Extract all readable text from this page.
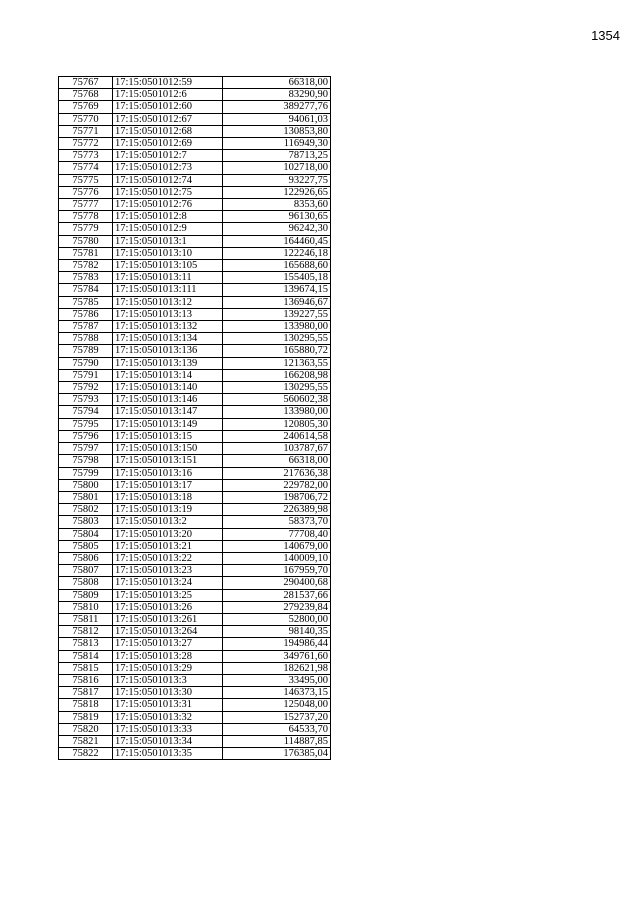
1354
75767	17:15:0501012:59	66318,00
75768	17:15:0501012:6	83290,90
75769	17:15:0501012:60	389277,76
75770	17:15:0501012:67	94061,03
75771	17:15:0501012:68	130853,80
75772	17:15:0501012:69	116949,30
75773	17:15:0501012:7	78713,25
75774	17:15:0501012:73	102718,00
75775	17:15:0501012:74	93227,75
75776	17:15:0501012:75	122926,65
75777	17:15:0501012:76	8353,60
75778	17:15:0501012:8	96130,65
75779	17:15:0501012:9	96242,30
75780	17:15:0501013:1	164460,45
75781	17:15:0501013:10	122246,18
75782	17:15:0501013:105	165688,60
75783	17:15:0501013:11	155405,18
75784	17:15:0501013:111	139674,15
75785	17:15:0501013:12	136946,67
75786	17:15:0501013:13	139227,55
75787	17:15:0501013:132	133980,00
75788	17:15:0501013:134	130295,55
75789	17:15:0501013:136	165880,72
75790	17:15:0501013:139	121363,55
75791	17:15:0501013:14	166208,98
75792	17:15:0501013:140	130295,55
75793	17:15:0501013:146	560602,38
75794	17:15:0501013:147	133980,00
75795	17:15:0501013:149	120805,30
75796	17:15:0501013:15	240614,58
75797	17:15:0501013:150	103787,67
75798	17:15:0501013:151	66318,00
75799	17:15:0501013:16	217636,38
75800	17:15:0501013:17	229782,00
75801	17:15:0501013:18	198706,72
75802	17:15:0501013:19	226389,98
75803	17:15:0501013:2	58373,70
75804	17:15:0501013:20	77708,40
75805	17:15:0501013:21	140679,00
75806	17:15:0501013:22	140009,10
75807	17:15:0501013:23	167959,70
75808	17:15:0501013:24	290400,68
75809	17:15:0501013:25	281537,66
75810	17:15:0501013:26	279239,84
75811	17:15:0501013:261	52800,00
75812	17:15:0501013:264	98140,35
75813	17:15:0501013:27	194986,44
75814	17:15:0501013:28	349761,60
75815	17:15:0501013:29	182621,98
75816	17:15:0501013:3	33495,00
75817	17:15:0501013:30	146373,15
75818	17:15:0501013:31	125048,00
75819	17:15:0501013:32	152737,20
75820	17:15:0501013:33	64533,70
75821	17:15:0501013:34	114887,85
75822	17:15:0501013:35	176385,04
